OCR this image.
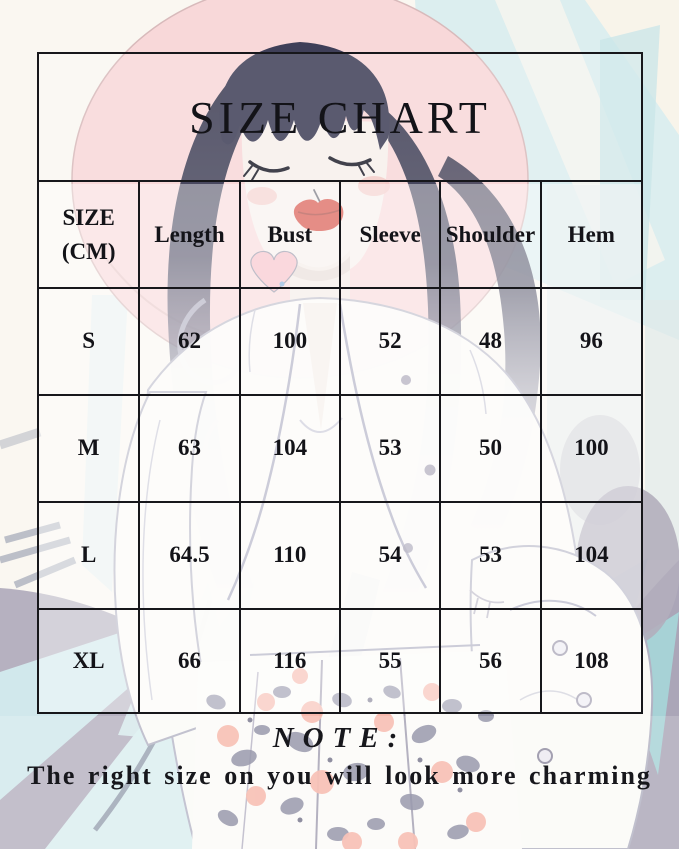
SIZE CHART
SIZE
(CM)	Length	Bust	Sleeve	Shoulder	Hem
S	62	100	52	48	96
M	63	104	53	50	100
L	64.5	110	54	53	104
XL	66	116	55	56	108
NOTE:
The right size on you will look more charming
